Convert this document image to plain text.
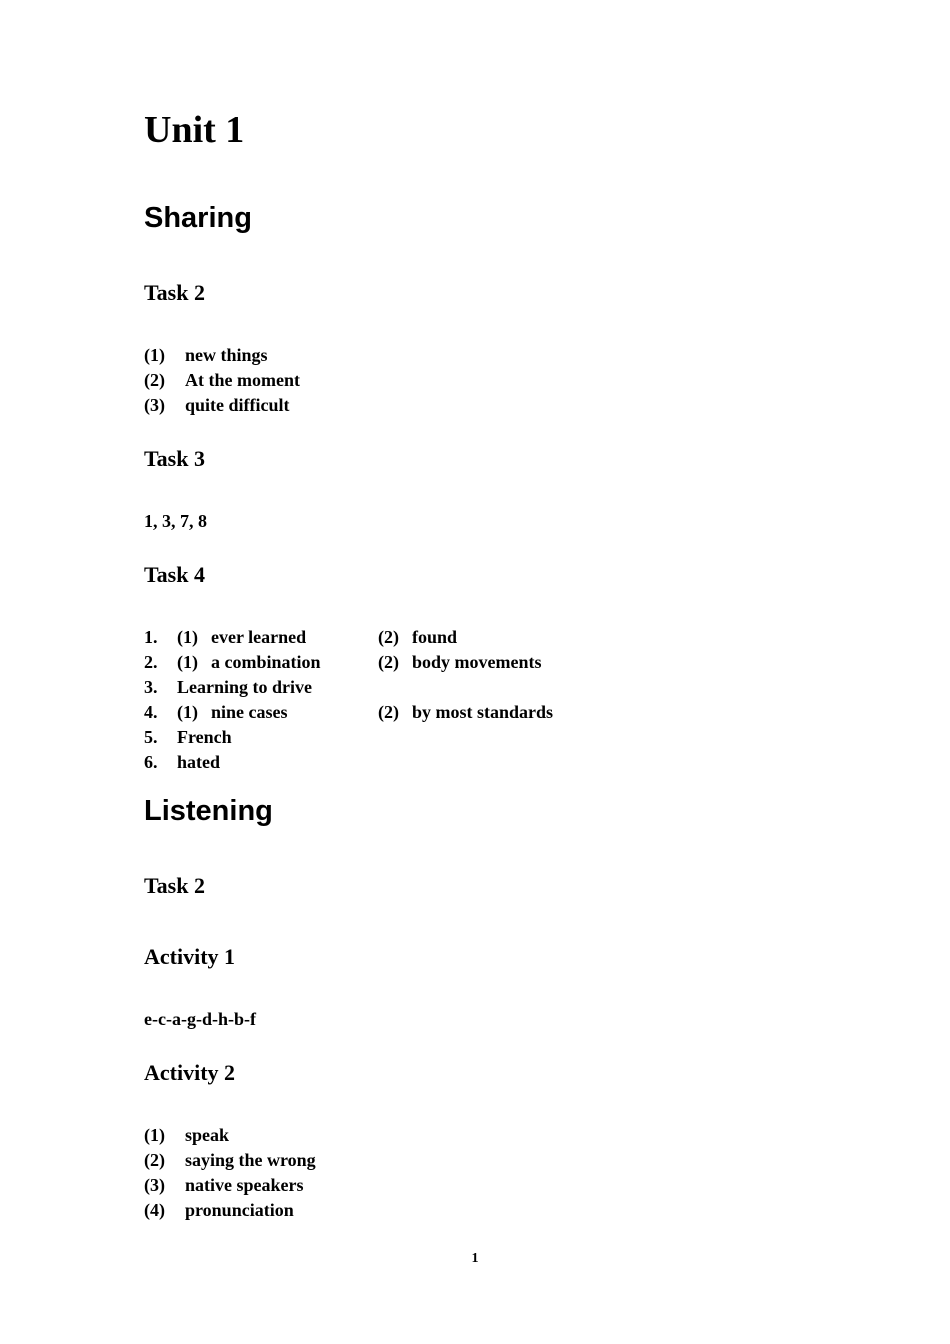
Unit 1
Sharing
Task 2
(1) new things
(2) At the moment
(3) quite difficult
Task 3
1, 3, 7, 8
Task 4
1. (1) ever learned	(2) found
2. (1) a combination	(2) body movements
3. Learning to drive
4. (1) nine cases	(2) by most standards
5. French
6. hated
Listening
Task 2
Activity 1
e-c-a-g-d-h-b-f
Activity 2
(1) speak
(2) saying the wrong
(3) native speakers
(4) pronunciation
1
